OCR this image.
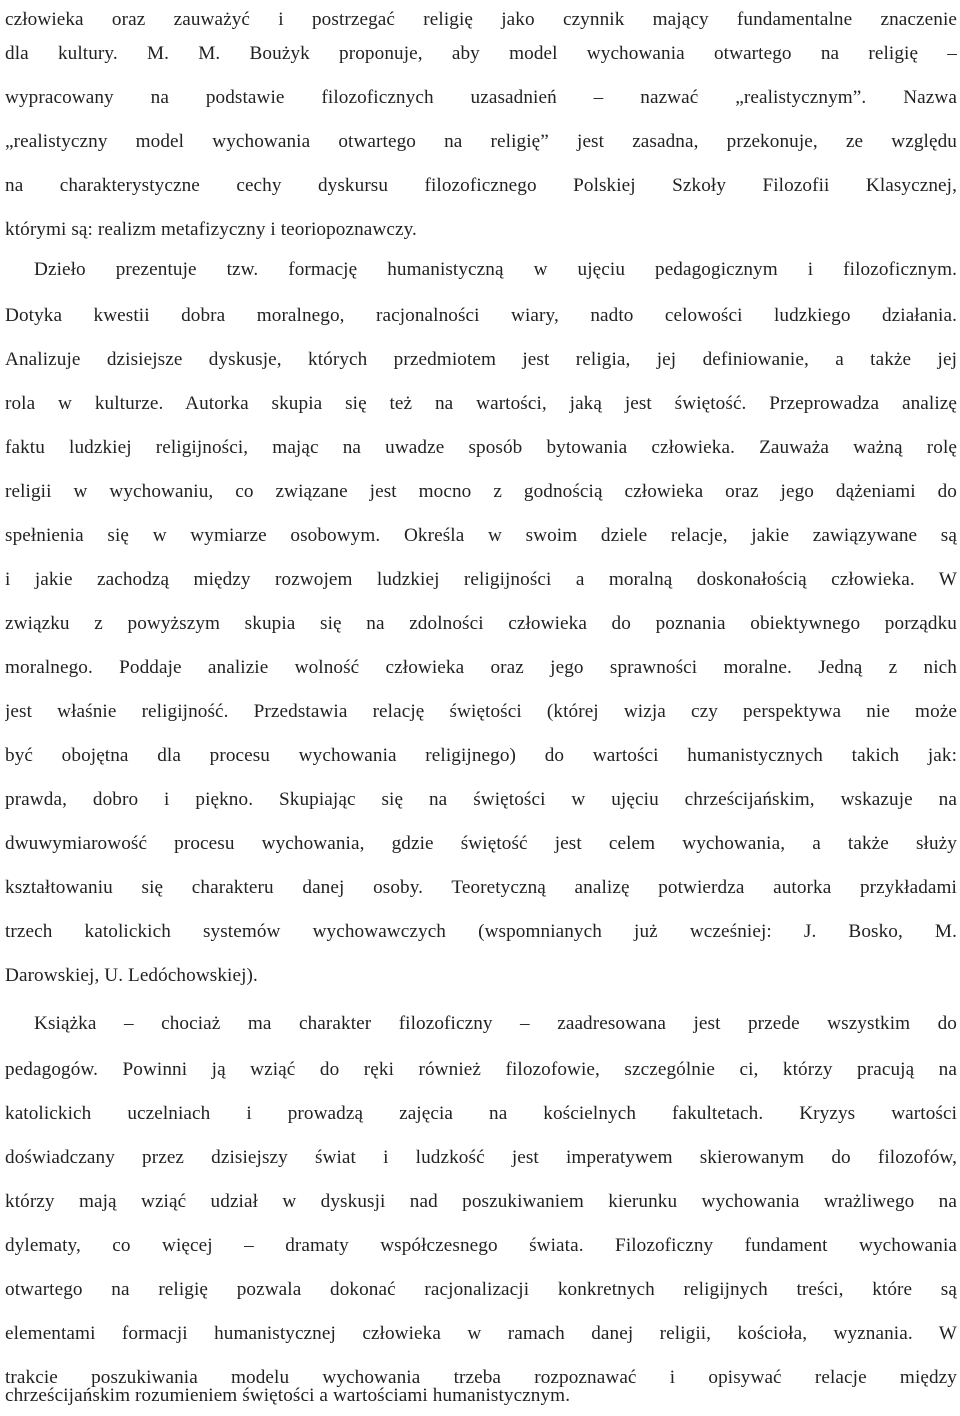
człowieka oraz zauważyć i postrzegać religię jako czynnik mający fundamentalne znaczenie
dla kultury. M. M. Boużyk proponuje, aby model wychowania otwartego na religię –
wypracowany na podstawie filozoficznych uzasadnień – nazwać „realistycznym”. Nazwa
„realistyczny model wychowania otwartego na religię” jest zasadna, przekonuje, ze względu
na charakterystyczne cechy dyskursu filozoficznego Polskiej Szkoły Filozofii Klasycznej,
którymi są: realizm metafizyczny i teoriopoznawczy.
Dzieło prezentuje tzw. formację humanistyczną w ujęciu pedagogicznym i filozoficznym.
Dotyka kwestii dobra moralnego, racjonalności wiary, nadto celowości ludzkiego działania.
Analizuje dzisiejsze dyskusje, których przedmiotem jest religia, jej definiowanie, a także jej
rola w kulturze. Autorka skupia się też na wartości, jaką jest świętość. Przeprowadza analizę
faktu ludzkiej religijności, mając na uwadze sposób bytowania człowieka. Zauważa ważną rolę
religii w wychowaniu, co związane jest mocno z godnością człowieka oraz jego dążeniami do
spełnienia się w wymiarze osobowym. Określa w swoim dziele relacje, jakie zawiązywane są
i jakie zachodzą między rozwojem ludzkiej religijności a moralną doskonałością człowieka. W
związku z powyższym skupia się na zdolności człowieka do poznania obiektywnego porządku
moralnego. Poddaje analizie wolność człowieka oraz jego sprawności moralne. Jedną z nich
jest właśnie religijność. Przedstawia relację świętości (której wizja czy perspektywa nie może
być obojętna dla procesu wychowania religijnego) do wartości humanistycznych takich jak:
prawda, dobro i piękno. Skupiając się na świętości w ujęciu chrześcijańskim, wskazuje na
dwuwymiarowość procesu wychowania, gdzie świętość jest celem wychowania, a także służy
kształtowaniu się charakteru danej osoby. Teoretyczną analizę potwierdza autorka przykładami
trzech katolickich systemów wychowawczych (wspomnianych już wcześniej: J. Bosko, M.
Darowskiej, U. Ledóchowskiej).
Książka – chociaż ma charakter filozoficzny – zaadresowana jest przede wszystkim do
pedagogów. Powinni ją wziąć do ręki również filozofowie, szczególnie ci, którzy pracują na
katolickich uczelniach i prowadzą zajęcia na kościelnych fakultetach. Kryzys wartości
doświadczany przez dzisiejszy świat i ludzkość jest imperatywem skierowanym do filozofów,
którzy mają wziąć udział w dyskusji nad poszukiwaniem kierunku wychowania wrażliwego na
dylematy, co więcej – dramaty współczesnego świata. Filozoficzny fundament wychowania
otwartego na religię pozwala dokonać racjonalizacji konkretnych religijnych treści, które są
elementami formacji humanistycznej człowieka w ramach danej religii, kościoła, wyznania. W
trakcie poszukiwania modelu wychowania trzeba rozpoznawać i opisywać relacje między
chrześcijańskim rozumieniem świętości a wartościami humanistycznym.
